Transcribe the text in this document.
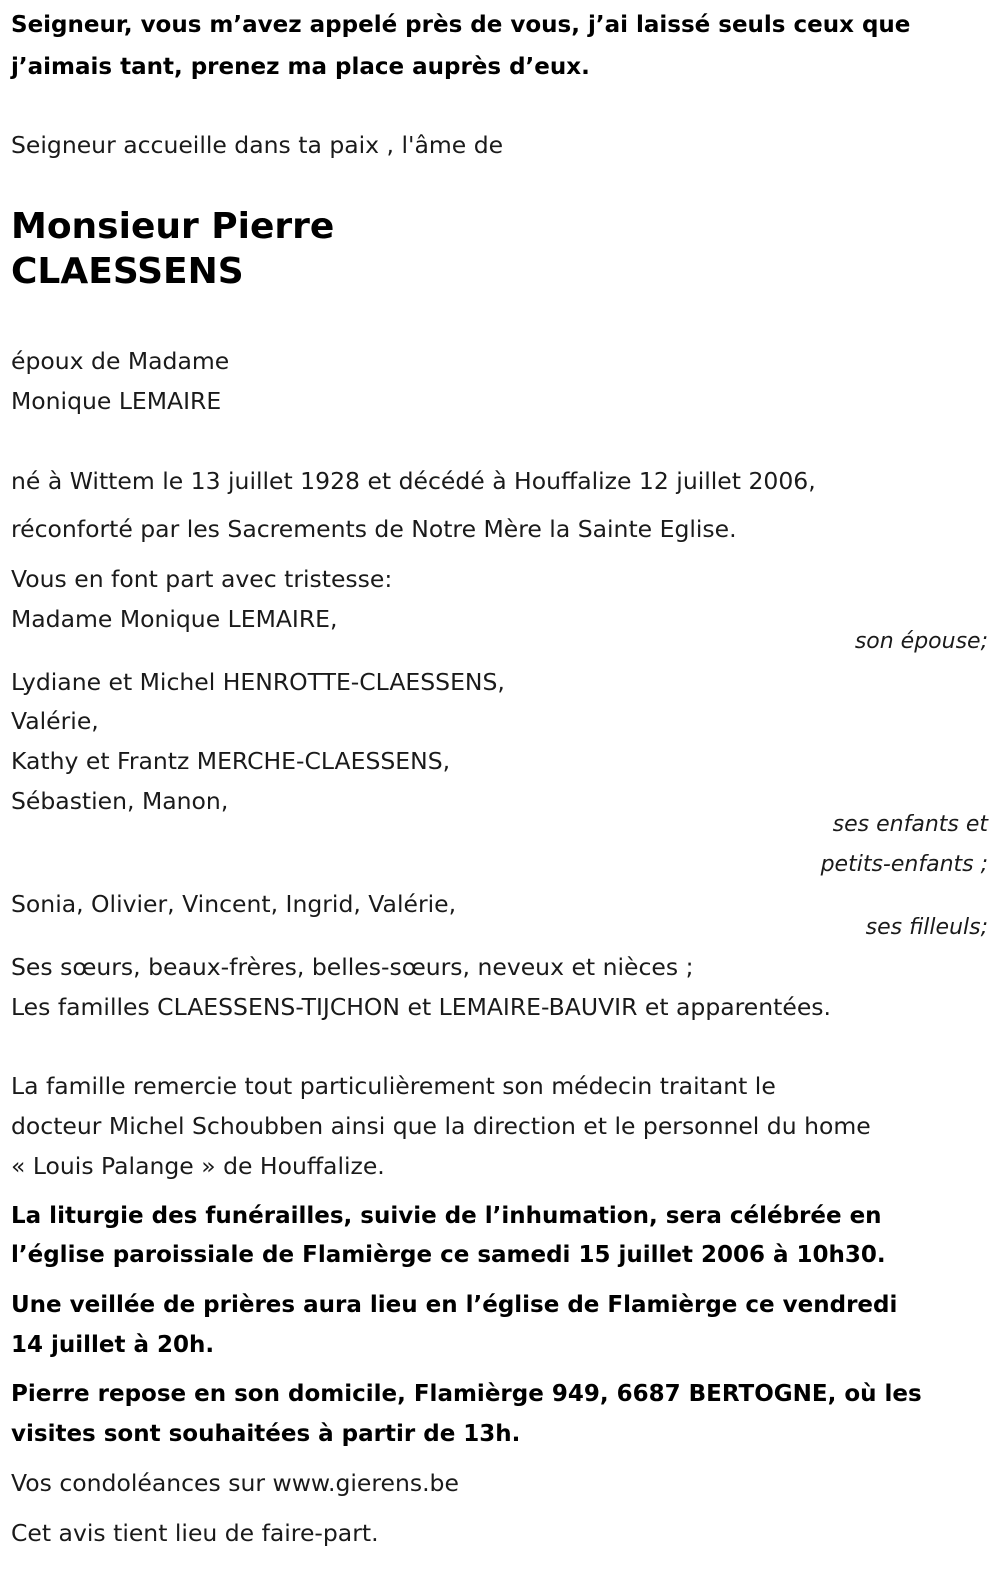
Seigneur, vous m’avez appelé près de vous, j’ai laissé seuls ceux que
j’aimais tant, prenez ma place auprès d’eux.
Seigneur accueille dans ta paix , l'âme de
Monsieur Pierre
CLAESSENS
époux de Madame
Monique LEMAIRE
né à Wittem le 13 juillet 1928 et décédé à Houffalize 12 juillet 2006,
réconforté par les Sacrements de Notre Mère la Sainte Eglise.
Vous en font part avec tristesse:
Madame Monique LEMAIRE,
son épouse;
Lydiane et Michel HENROTTE-CLAESSENS,
Valérie,
Kathy et Frantz MERCHE-CLAESSENS,
Sébastien, Manon,
ses enfants et
petits-enfants ;
Sonia, Olivier, Vincent, Ingrid, Valérie,
ses filleuls;
Ses sœurs, beaux-frères, belles-sœurs, neveux et nièces ;
Les familles CLAESSENS-TIJCHON et LEMAIRE-BAUVIR et apparentées.
La famille remercie tout particulièrement son médecin traitant le
docteur Michel Schoubben ainsi que la direction et le personnel du home
« Louis Palange » de Houffalize.
La liturgie des funérailles, suivie de l’inhumation, sera célébrée en
l’église paroissiale de Flamièrge ce samedi 15 juillet 2006 à 10h30.
Une veillée de prières aura lieu en l’église de Flamièrge ce vendredi
14 juillet à 20h.
Pierre repose en son domicile, Flamièrge 949, 6687 BERTOGNE, où les
visites sont souhaitées à partir de 13h.
Vos condoléances sur www.gierens.be
Cet avis tient lieu de faire-part.
